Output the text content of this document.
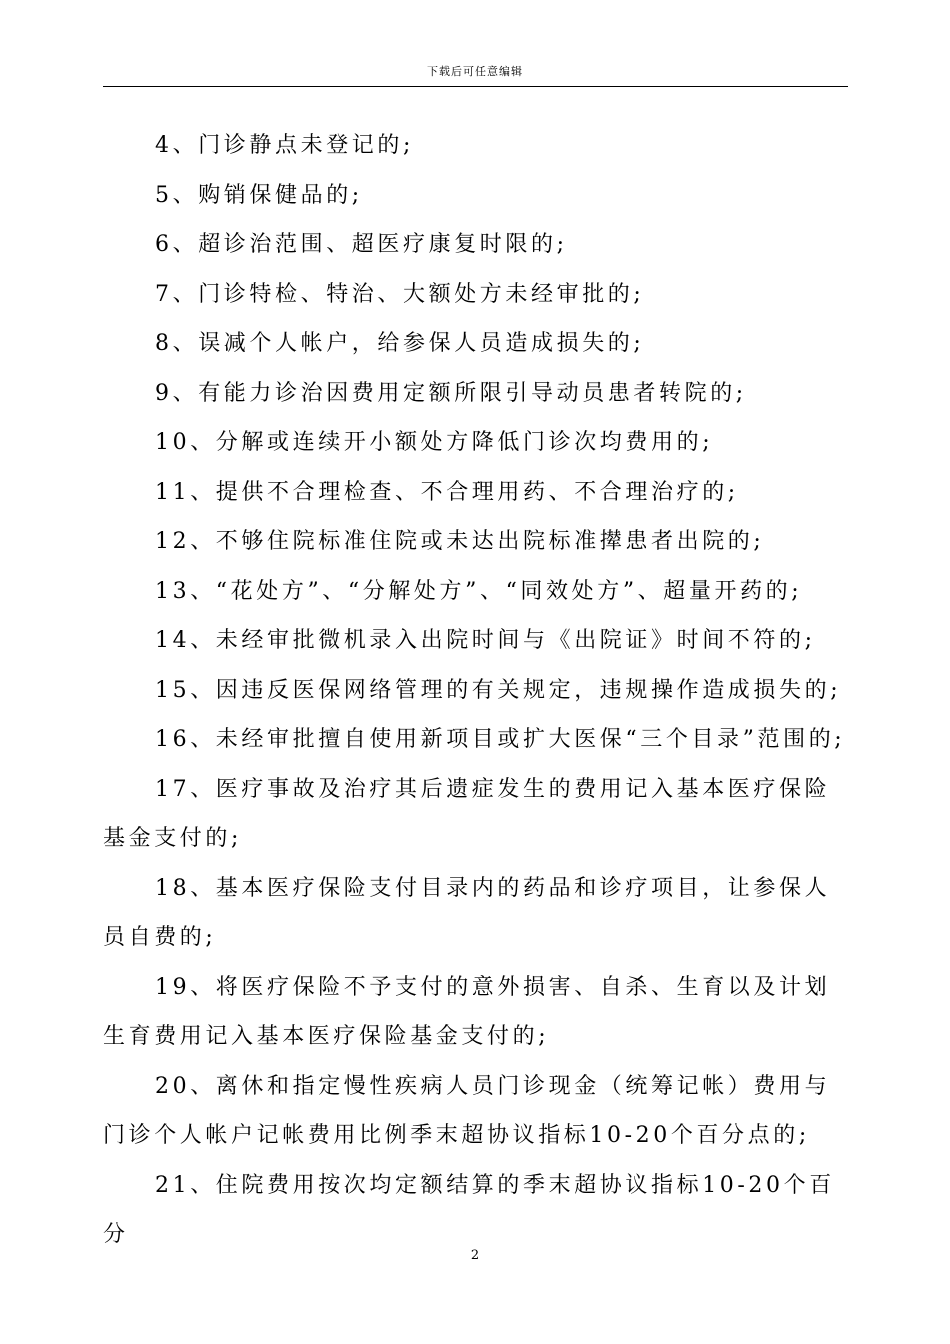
下载后可任意编辑

4、门诊静点未登记的;

5、购销保健品的;

6、超诊治范围、超医疗康复时限的;

7、门诊特检、特治、大额处方未经审批的;

8、误减个人帐户，给参保人员造成损失的;

9、有能力诊治因费用定额所限引导动员患者转院的;

10、分解或连续开小额处方降低门诊次均费用的;

11、提供不合理检查、不合理用药、不合理治疗的;

12、不够住院标准住院或未达出院标准撵患者出院的;

13、“花处方”、“分解处方”、“同效处方”、超量开药的;

14、未经审批微机录入出院时间与《出院证》时间不符的;

15、因违反医保网络管理的有关规定，违规操作造成损失的;

16、未经审批擅自使用新项目或扩大医保“三个目录”范围的;

17、医疗事故及治疗其后遗症发生的费用记入基本医疗保险基金支付的;

18、基本医疗保险支付目录内的药品和诊疗项目，让参保人员自费的;

19、将医疗保险不予支付的意外损害、自杀、生育以及计划生育费用记入基本医疗保险基金支付的;

20、离休和指定慢性疾病人员门诊现金（统筹记帐）费用与门诊个人帐户记帐费用比例季末超协议指标10-20个百分点的;

21、住院费用按次均定额结算的季末超协议指标10-20个百分

2
